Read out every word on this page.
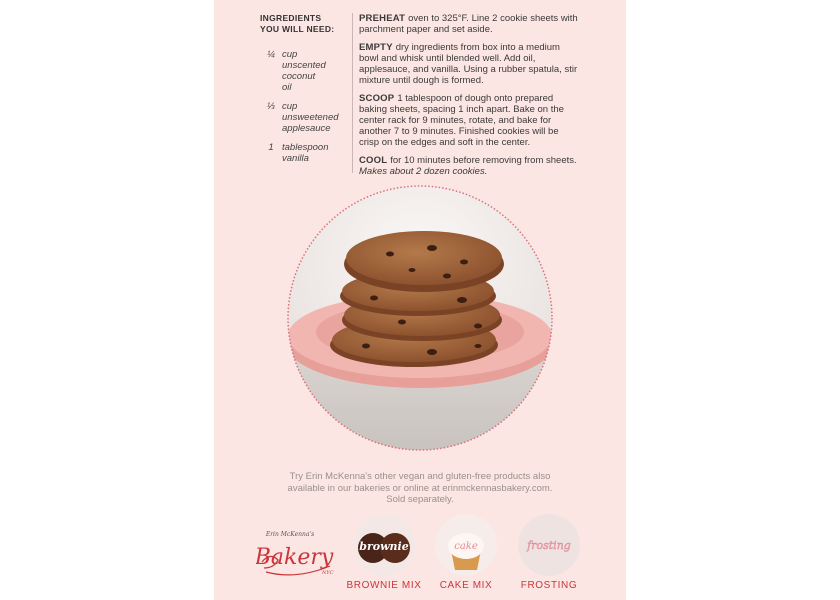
INGREDIENTS
YOU WILL NEED:
¼ cup
unscented
coconut
oil
⅓ cup
unsweetened
applesauce
1 tablespoon
vanilla

PREHEAT oven to 325°F. Line 2 cookie sheets with parchment paper and set aside.

EMPTY dry ingredients from box into a medium bowl and whisk until blended well. Add oil, applesauce, and vanilla. Using a rubber spatula, stir mixture until dough is formed.

SCOOP 1 tablespoon of dough onto prepared baking sheets, spacing 1 inch apart. Bake on the center rack for 9 minutes, rotate, and bake for another 7 to 9 minutes. Finished cookies will be crisp on the edges and soft in the center.

COOL for 10 minutes before removing from sheets.
Makes about 2 dozen cookies.

Try Erin McKenna's other vegan and gluten-free products also
available in our bakeries or online at erinmckennasbakery.com.
Sold separately.
Erin McKenna's
Bakery
NYC
brownie
BROWNIE MIX
cake
CAKE MIX
frosting
FROSTING
